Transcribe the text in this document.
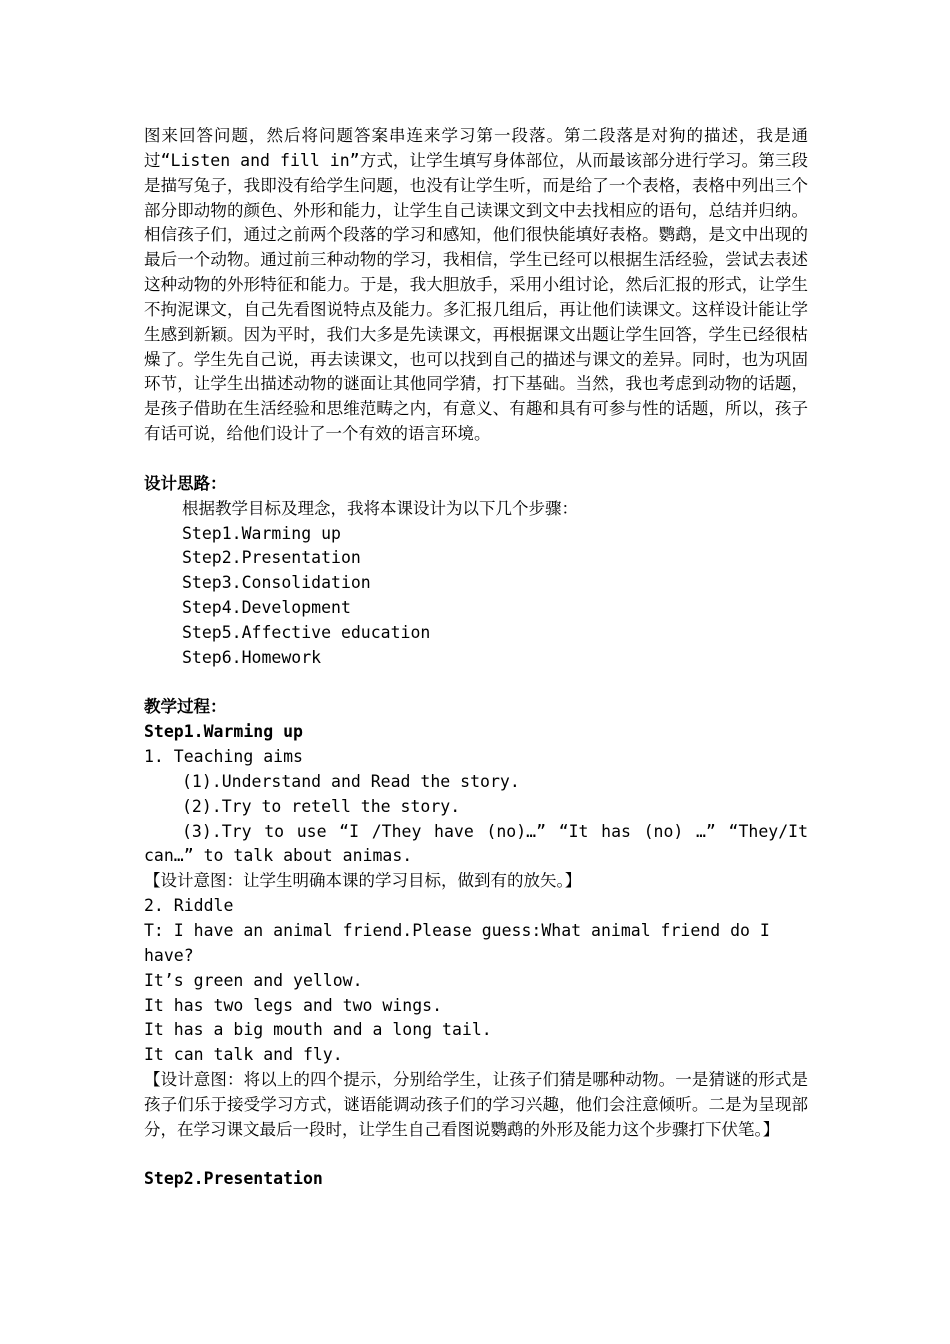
图来回答问题，然后将问题答案串连来学习第一段落。第二段落是对狗的描述，我是通过“Listen and fill in”方式，让学生填写身体部位，从而最该部分进行学习。第三段是描写兔子，我即没有给学生问题，也没有让学生听，而是给了一个表格，表格中列出三个部分即动物的颜色、外形和能力，让学生自己读课文到文中去找相应的语句，总结并归纳。相信孩子们，通过之前两个段落的学习和感知，他们很快能填好表格。鹦鹉，是文中出现的最后一个动物。通过前三种动物的学习，我相信，学生已经可以根据生活经验，尝试去表述这种动物的外形特征和能力。于是，我大胆放手，采用小组讨论，然后汇报的形式，让学生不拘泥课文，自己先看图说特点及能力。多汇报几组后，再让他们读课文。这样设计能让学生感到新颖。因为平时，我们大多是先读课文，再根据课文出题让学生回答，学生已经很枯燥了。学生先自己说，再去读课文，也可以找到自己的描述与课文的差异。同时，也为巩固环节，让学生出描述动物的谜面让其他同学猜，打下基础。当然，我也考虑到动物的话题，是孩子借助在生活经验和思维范畴之内，有意义、有趣和具有可参与性的话题，所以，孩子有话可说，给他们设计了一个有效的语言环境。
设计思路：
根据教学目标及理念，我将本课设计为以下几个步骤：
Step1.Warming up
Step2.Presentation
Step3.Consolidation
Step4.Development
Step5.Affective education
Step6.Homework
教学过程：
Step1.Warming up
1. Teaching aims
(1).Understand and Read the story.
(2).Try to retell the story.
(3).Try to use “I /They have (no)…” “It has (no) …” “They/It can…” to talk about animas.
【设计意图：让学生明确本课的学习目标，做到有的放矢。】
2. Riddle
T: I have an animal friend.Please guess:What animal friend do I have?
It’s green and yellow.
It has two legs and two wings.
It has a big mouth and a long tail.
It can talk and fly.
【设计意图：将以上的四个提示，分别给学生，让孩子们猜是哪种动物。一是猜谜的形式是孩子们乐于接受学习方式，谜语能调动孩子们的学习兴趣，他们会注意倾听。二是为呈现部分，在学习课文最后一段时，让学生自己看图说鹦鹉的外形及能力这个步骤打下伏笔。】
Step2.Presentation
